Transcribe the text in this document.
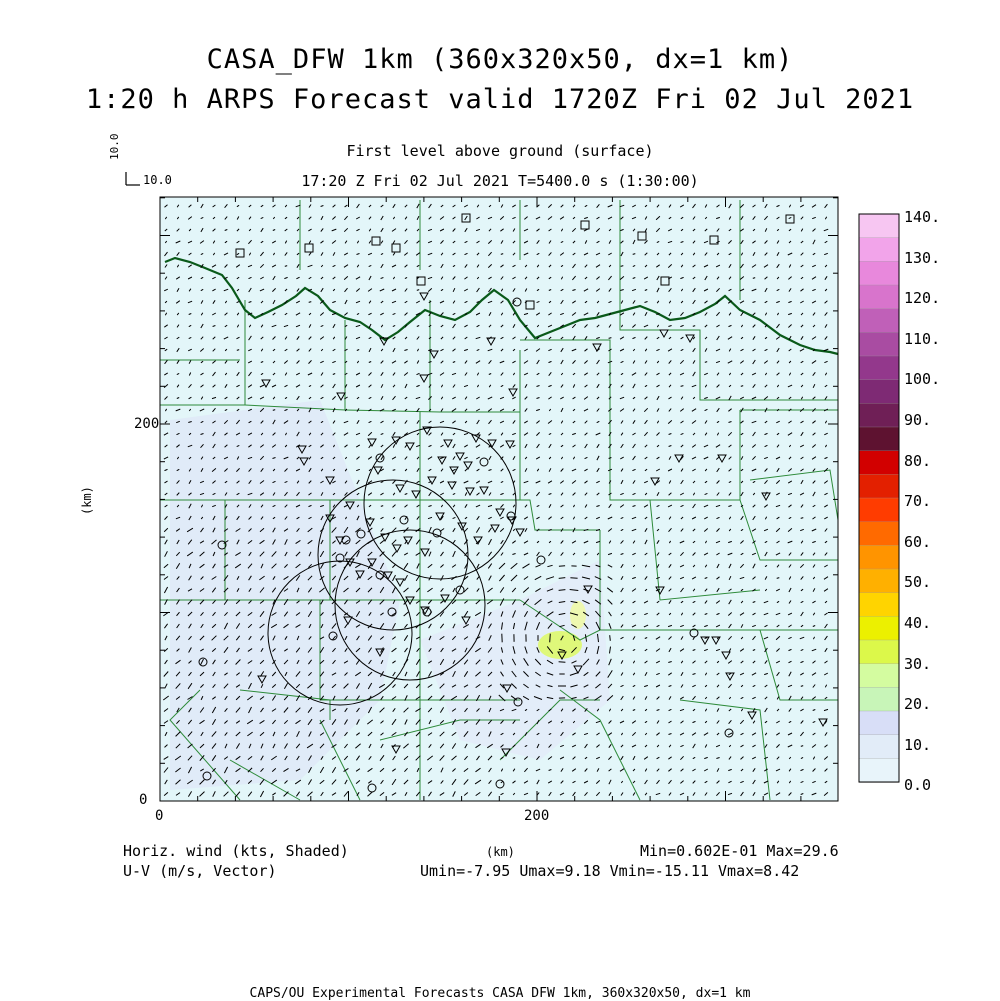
CASA_DFW 1km (360x320x50, dx=1 km)
1:20 h ARPS Forecast valid 1720Z Fri 02 Jul 2021
First level above ground (surface)
17:20 Z Fri 02 Jul 2021 T=5400.0 s (1:30:00)
10.0
10.0
200
0
0	200
(km)
140.
130.
120.
110.
100.
90.
80.
70.
60.
50.
40.
30.
20.
10.
0.0
Horiz. wind (kts, Shaded)
U-V (m/s, Vector)
(km)	Min=0.602E-01 Max=29.6
Umin=-7.95 Umax=9.18 Vmin=-15.11 Vmax=8.42
CAPS/OU Experimental Forecasts CASA DFW 1km, 360x320x50, dx=1 km
